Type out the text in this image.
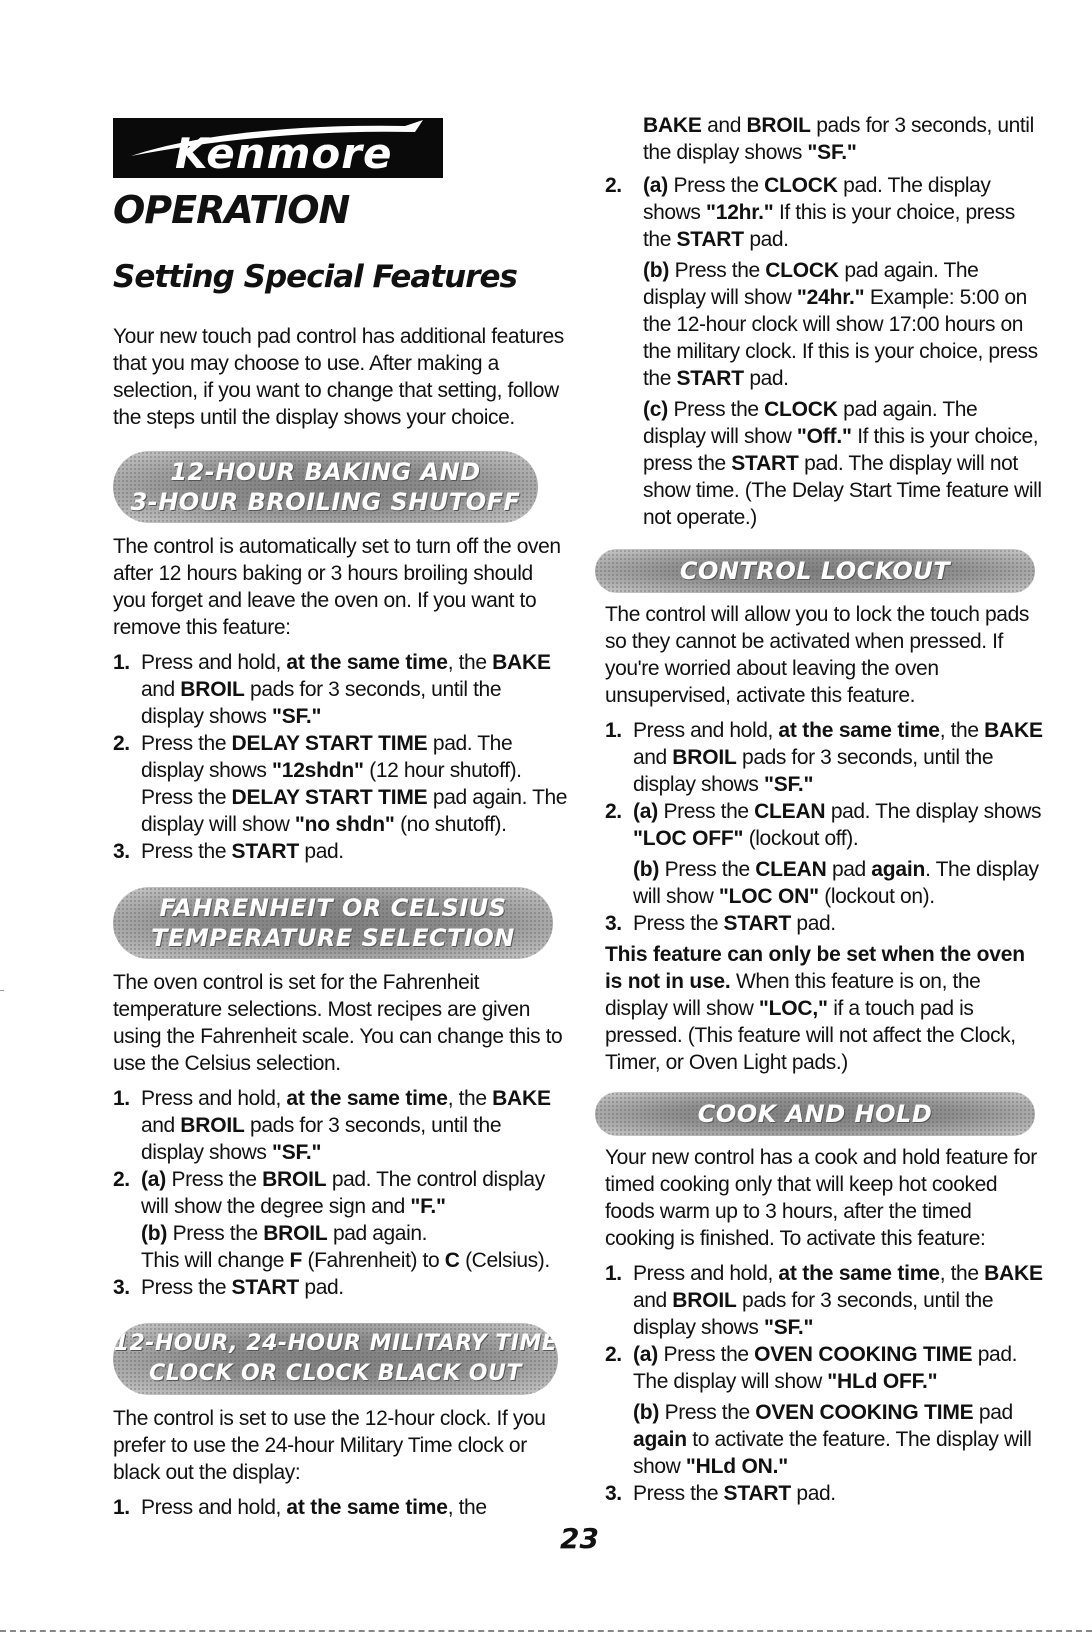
Kenmore
OPERATION
Setting Special Features

Your new touch pad control has additional features that you may choose to use. After making a selection, if you want to change that setting, follow the steps until the display shows your choice.

12-HOUR BAKING AND
3-HOUR BROILING SHUTOFF

The control is automatically set to turn off the oven after 12 hours baking or 3 hours broiling should you forget and leave the oven on. If you want to remove this feature:

1. Press and hold, at the same time, the BAKE and BROIL pads for 3 seconds, until the display shows "SF."
2. Press the DELAY START TIME pad. The display shows "12shdn" (12 hour shutoff). Press the DELAY START TIME pad again. The display will show "no shdn" (no shutoff).
3. Press the START pad.
FAHRENHEIT OR CELSIUS
TEMPERATURE SELECTION

The oven control is set for the Fahrenheit temperature selections. Most recipes are given using the Fahrenheit scale. You can change this to use the Celsius selection.

1. Press and hold, at the same time, the BAKE and BROIL pads for 3 seconds, until the display shows "SF."
2. (a) Press the BROIL pad. The control display will show the degree sign and "F."
(b) Press the BROIL pad again.
This will change F (Fahrenheit) to C (Celsius).
3. Press the START pad.
12-HOUR, 24-HOUR MILITARY TIME
CLOCK OR CLOCK BLACK OUT

The control is set to use the 12-hour clock. If you prefer to use the 24-hour Military Time clock or black out the display:

1. Press and hold, at the same time, the
BAKE and BROIL pads for 3 seconds, until the display shows "SF."
2. (a) Press the CLOCK pad. The display shows "12hr." If this is your choice, press the START pad.
(b) Press the CLOCK pad again. The display will show "24hr." Example: 5:00 on the 12-hour clock will show 17:00 hours on the military clock. If this is your choice, press the START pad.
(c) Press the CLOCK pad again. The display will show "Off." If this is your choice, press the START pad. The display will not show time. (The Delay Start Time feature will not operate.)
CONTROL LOCKOUT

The control will allow you to lock the touch pads so they cannot be activated when pressed. If you're worried about leaving the oven unsupervised, activate this feature.

1. Press and hold, at the same time, the BAKE and BROIL pads for 3 seconds, until the display shows "SF."
2. (a) Press the CLEAN pad. The display shows "LOC OFF" (lockout off).
(b) Press the CLEAN pad again. The display will show "LOC ON" (lockout on).
3. Press the START pad.

This feature can only be set when the oven is not in use. When this feature is on, the display will show "LOC," if a touch pad is pressed. (This feature will not affect the Clock, Timer, or Oven Light pads.)

COOK AND HOLD

Your new control has a cook and hold feature for timed cooking only that will keep hot cooked foods warm up to 3 hours, after the timed cooking is finished. To activate this feature:

1. Press and hold, at the same time, the BAKE and BROIL pads for 3 seconds, until the display shows "SF."
2. (a) Press the OVEN COOKING TIME pad. The display will show "HLd OFF."
(b) Press the OVEN COOKING TIME pad again to activate the feature. The display will show "HLd ON."
3. Press the START pad.
23
